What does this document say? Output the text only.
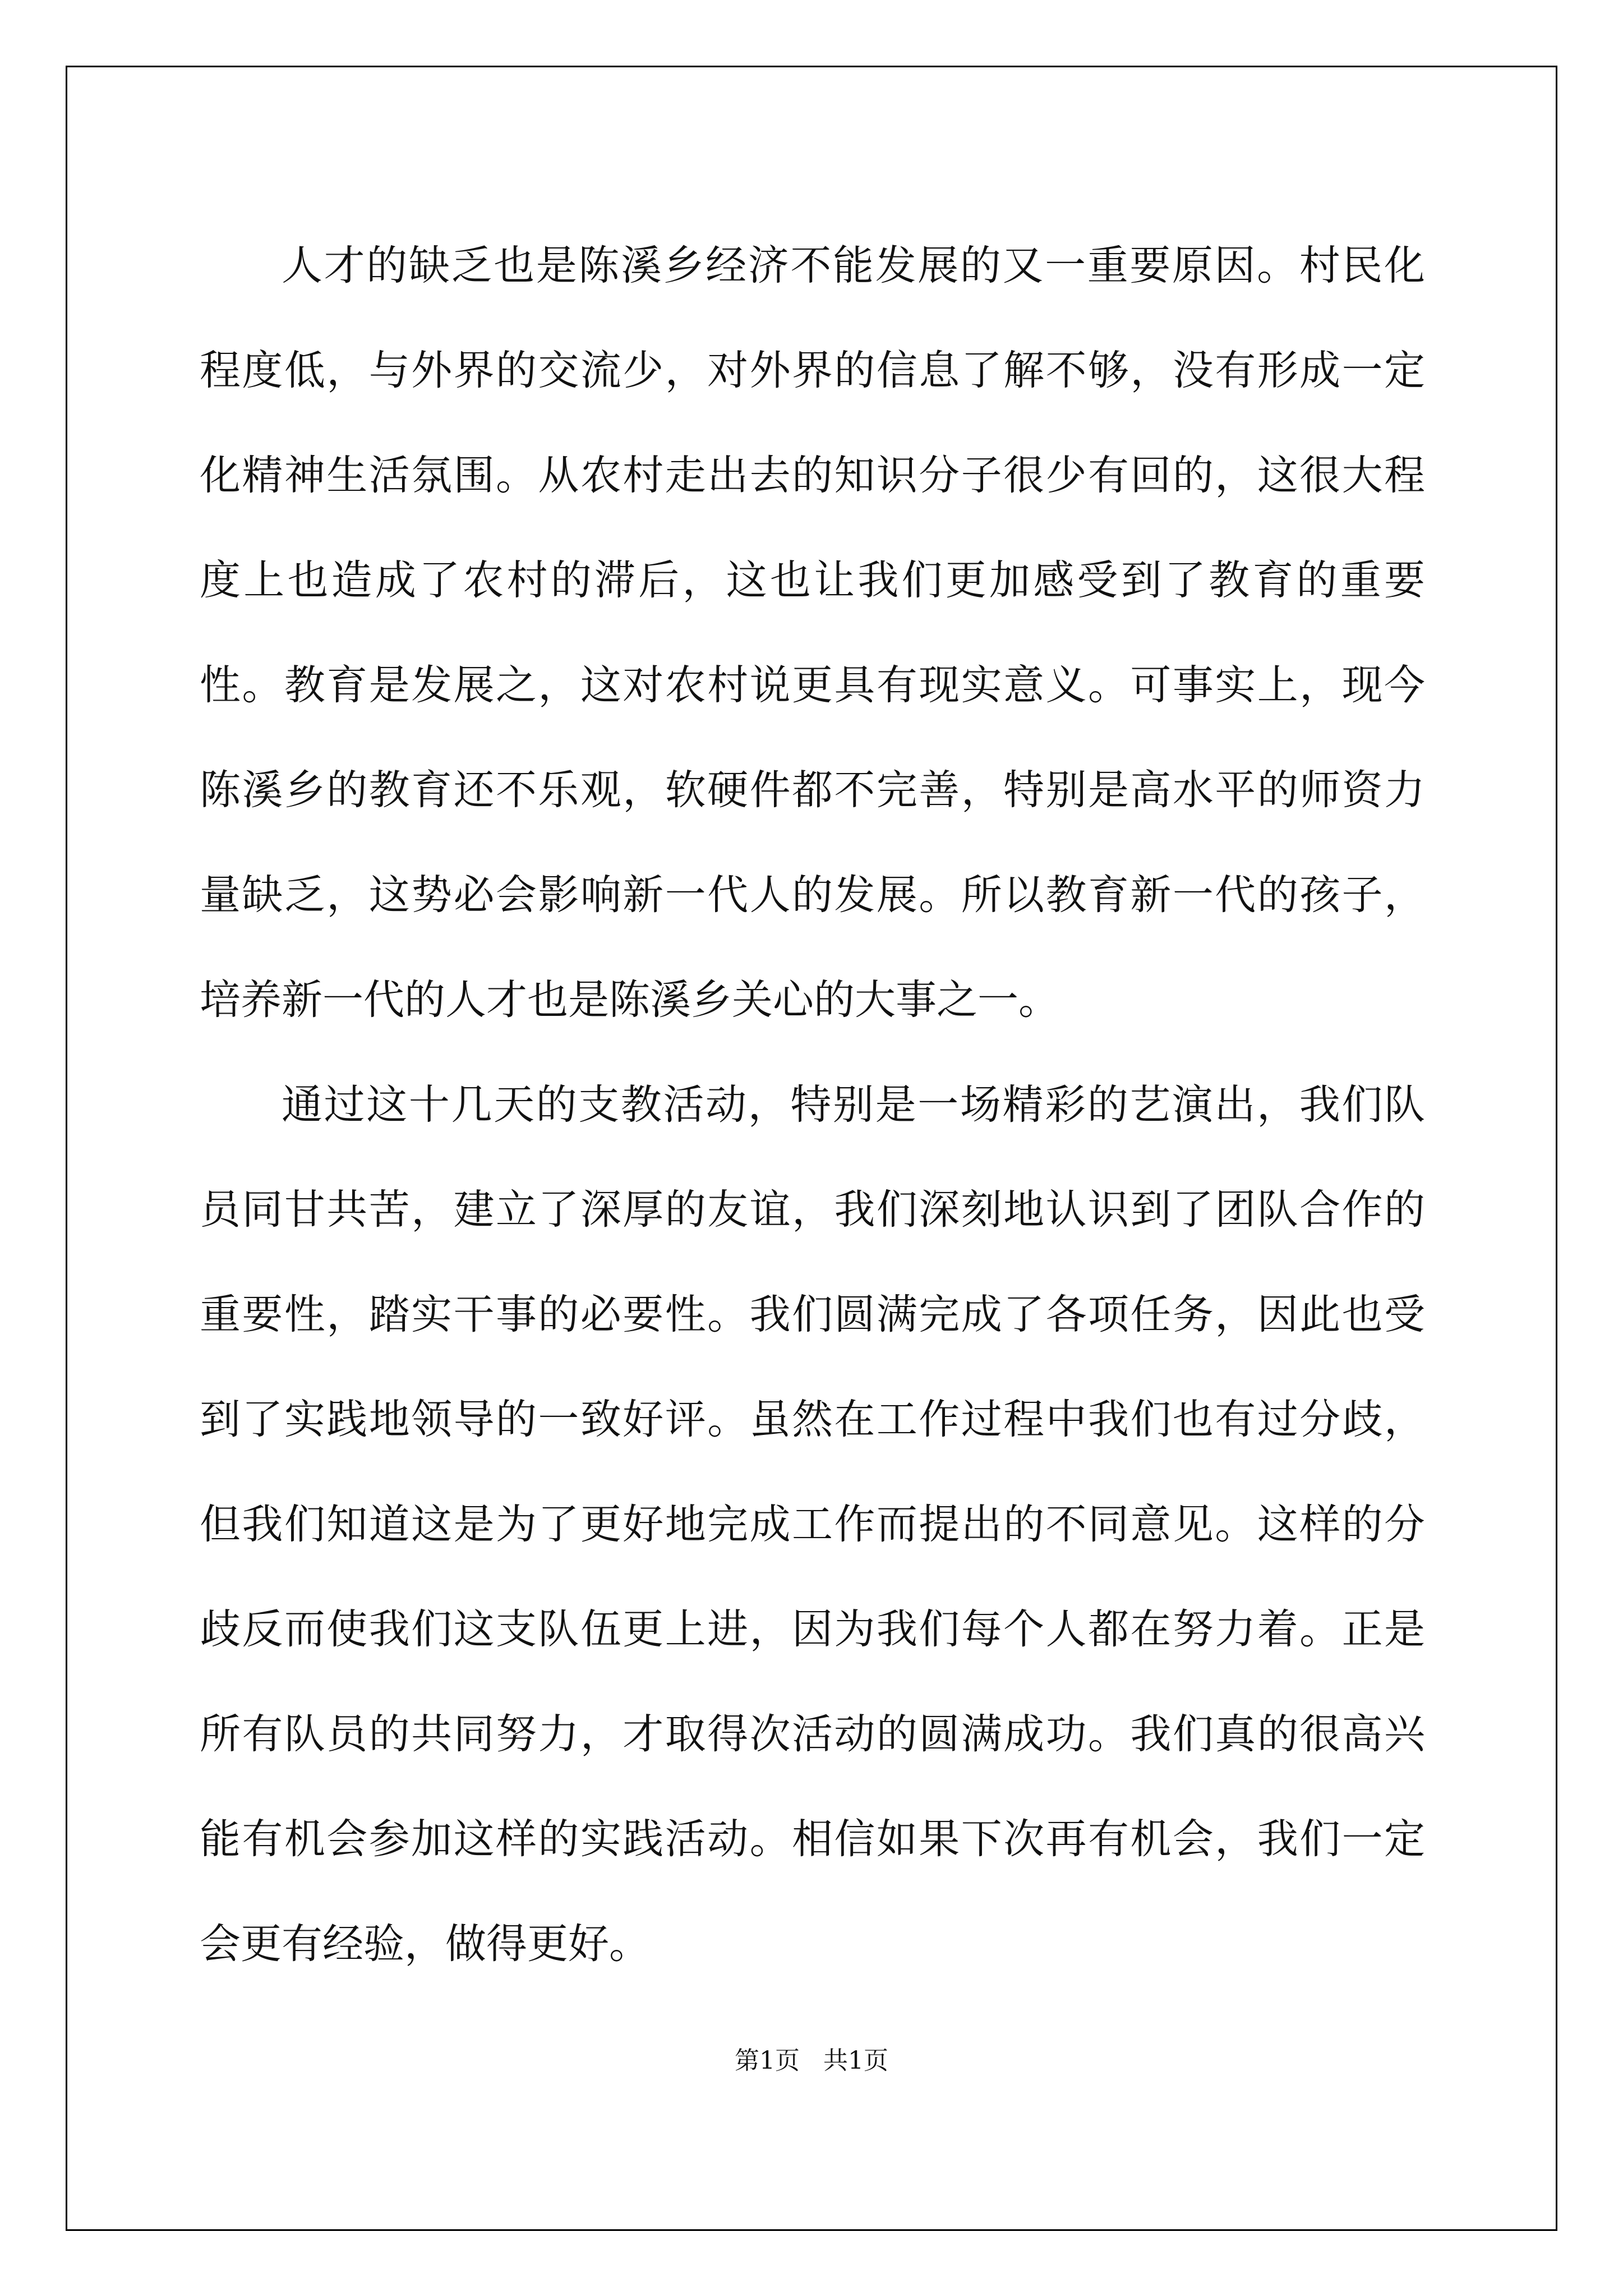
人才的缺乏也是陈溪乡经济不能发展的又一重要原因。村民化程度低，与外界的交流少，对外界的信息了解不够，没有形成一定化精神生活氛围。从农村走出去的知识分子很少有回的，这很大程度上也造成了农村的滞后，这也让我们更加感受到了教育的重要性。教育是发展之，这对农村说更具有现实意义。可事实上，现今陈溪乡的教育还不乐观，软硬件都不完善，特别是高水平的师资力量缺乏，这势必会影响新一代人的发展。所以教育新一代的孩子，培养新一代的人才也是陈溪乡关心的大事之一。

通过这十几天的支教活动，特别是一场精彩的艺演出，我们队员同甘共苦，建立了深厚的友谊，我们深刻地认识到了团队合作的重要性，踏实干事的必要性。我们圆满完成了各项任务，因此也受到了实践地领导的一致好评。虽然在工作过程中我们也有过分歧，但我们知道这是为了更好地完成工作而提出的不同意见。这样的分歧反而使我们这支队伍更上进，因为我们每个人都在努力着。正是所有队员的共同努力，才取得次活动的圆满成功。我们真的很高兴能有机会参加这样的实践活动。相信如果下次再有机会，我们一定会更有经验，做得更好。

第1页 共1页
